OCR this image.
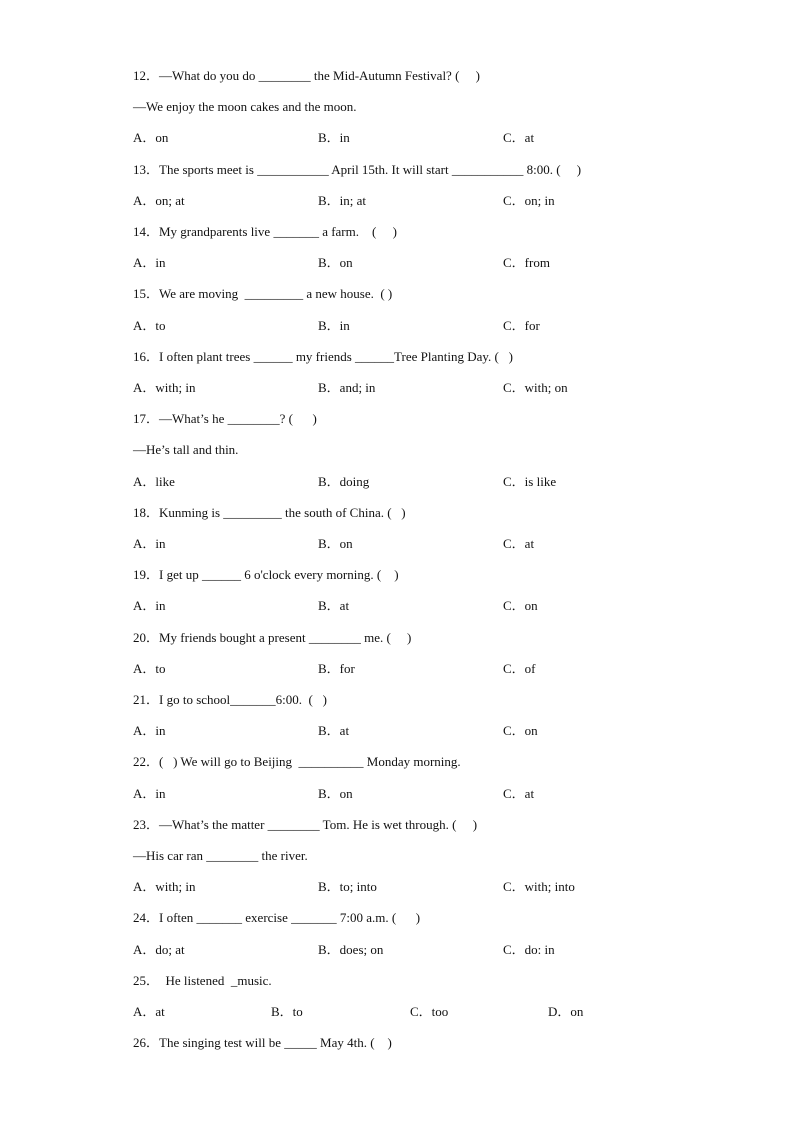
12．—What do you do ________ the Mid-Autumn Festival? (     )
—We enjoy the moon cakes and the moon.
A．on	B．in	C．at
13．The sports meet is ___________ April 15th. It will start ___________ 8:00. (     )
A．on; at	B．in; at	C．on; in
14．My grandparents live _______ a farm.    (     )
A．in	B．on	C．from
15．We are moving  _________ a new house.  ( )
A．to	B．in	C．for
16．I often plant trees ______ my friends ______Tree Planting Day. (   )
A．with; in	B．and; in	C．with; on
17．—What’s he ________? (      )
—He’s tall and thin.
A．like	B．doing	C．is like
18．Kunming is _________ the south of China. (   )
A．in	B．on	C．at
19．I get up ______ 6 o'clock every morning. (    )
A．in	B．at	C．on
20．My friends bought a present ________ me. (     )
A．to	B．for	C．of
21．I go to school_______6:00.  (   )
A．in	B．at	C．on
22．(   ) We will go to Beijing  __________ Monday morning.
A．in	B．on	C．at
23．—What’s the matter ________ Tom. He is wet through. (     )
—His car ran ________ the river.
A．with; in	B．to; into	C．with; into
24．I often _______ exercise _______ 7:00 a.m. (      )
A．do; at	B．does; on	C．do: in
25．  He listened  _music.
A．at	B．to	C．too	D．on
26．The singing test will be _____ May 4th. (    )
